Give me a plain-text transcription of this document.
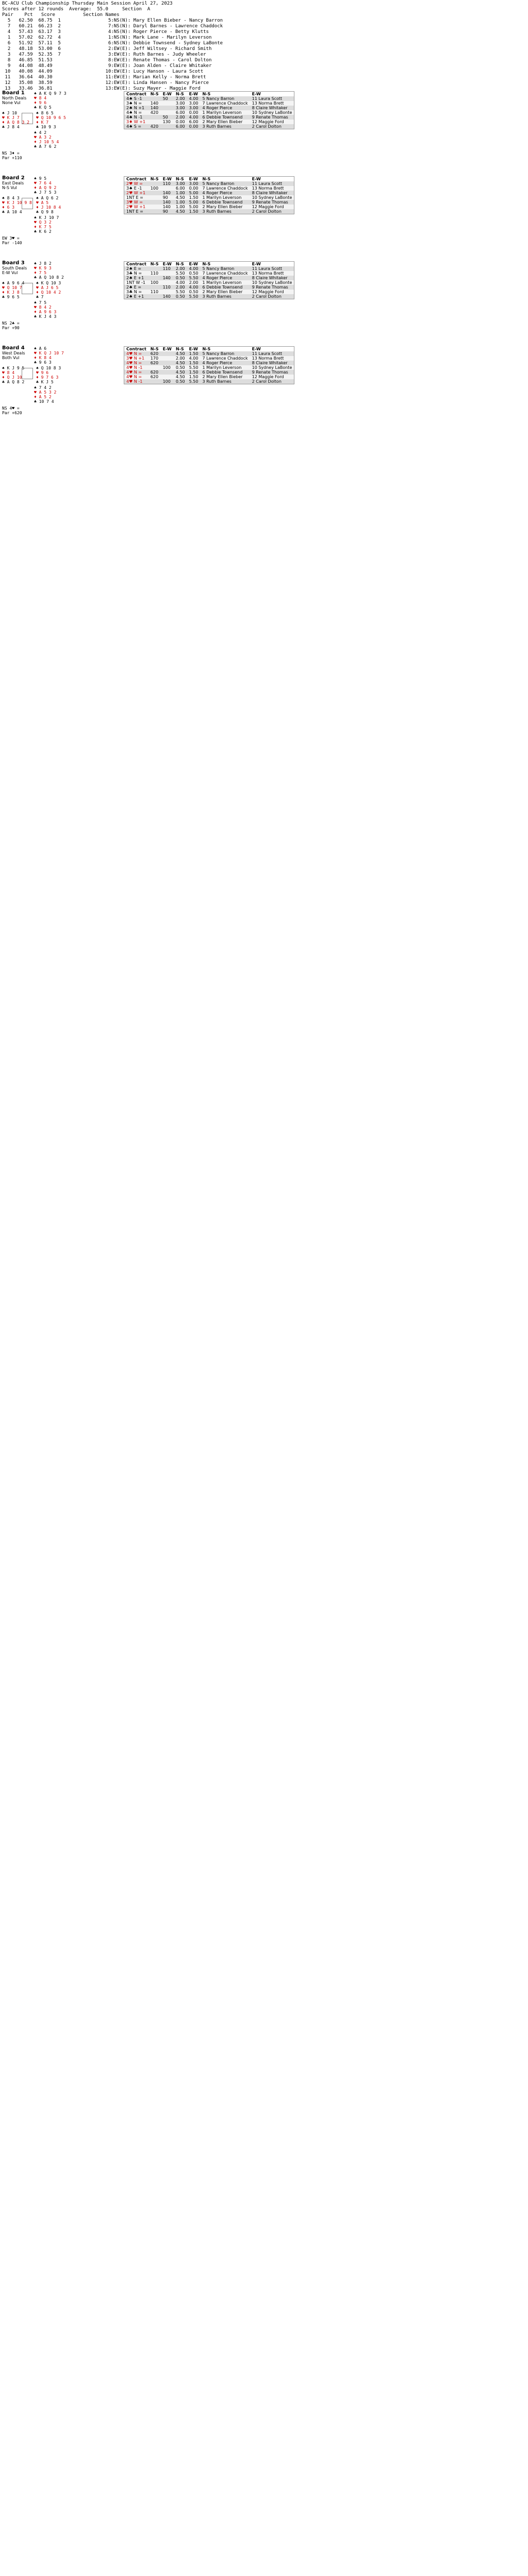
BC-ACU Club Championship Thursday Main Session April 27, 2023
Scores after 12 rounds  Average:  55.0     Section  A
Pair    Pct   Score          Section Names
5   62.50  68.75  1                 5:NS(N): Mary Ellen Bieber - Nancy Barron
7   60.21  66.23  2                 7:NS(N): Daryl Barnes - Lawrence Chaddock
4   57.43  63.17  3                 4:NS(N): Roger Pierce - Betty Klutts
1   57.02  62.72  4                 1:NS(N): Mark Lane - Marilyn Leverson
6   51.92  57.11  5                 6:NS(N): Debbie Townsend - Sydney LaBonte
2   48.18  53.00  6                 2:EW(E): Jeff Wiltsey - Richard Smith
3   47.59  52.35  7                 3:EW(E): Ruth Barnes - Judy Wheeler
8   46.85  51.53                    8:EW(E): Renate Thomas - Carol Dolton
9   44.08  48.49                    9:EW(E): Joan Alden - Claire Whitaker
10   40.08  44.09                   10:EW(E): Lucy Hanson - Laura Scott
11   36.64  40.30                   11:EW(E): Marian Kelly - Norma Brett
12   35.08  38.59                   12:EW(E): Linda Hansen - Nancy Pierce
13   33.46  36.81                   13:EW(E): Suzy Mayer - Maggie Ford
Board 1
North Deals
None Vul
♠ A K Q 9 7 3
♥ 8 4
♦ 9 6
♣ K Q 5
♠ J 10
♥ K J 7
♦ A Q 8 3 2
♣ J 8 4
♠ 8 6 5
♥ Q 10 9 6 5
♦ K 7
♣ 10 9 3
♠ 4 2
♥ A 3 2
♦ J 10 5 4
♣ A 7 6 2
NS 3♦ =
Par +110
Contract	N-S	E-W	N-S	E-W	N-S	E-W
4♠ S -1		50	2.00	4.00	5 Nancy Barron	11 Laura Scott
3♠ N =	140		3.00	3.00	7 Lawrence Chaddock	13 Norma Brett
2♠ N +1	140		3.00	3.00	4 Roger Pierce	8 Claire Whitaker
4♠ N =	420		6.00	0.00	1 Marilyn Leverson	10 Sydney LaBonte
4♠ N -1		50	2.00	4.00	6 Debbie Townsend	9 Renate Thomas
3♦ W +1		130	0.00	6.00	2 Mary Ellen Bieber	12 Maggie Ford
4♠ S =	420		6.00	0.00	3 Ruth Barnes	2 Carol Dolton
Board 2
East Deals
N-S Vul
♠ 9 5
♥ 7 6 4
♦ A Q 9 2
♣ J 7 5 3
♠ 8 4 3
♥ K J 10 9 8
♦ 6 3
♣ A 10 4
♠ A Q 6 2
♥ A 5
♦ J 10 8 4
♣ Q 9 8
♠ K J 10 7
♥ Q 3 2
♦ K 7 5
♣ K 6 2
EW 3♥ =
Par -140
Contract	N-S	E-W	N-S	E-W	N-S	E-W
2♥ W =		110	3.00	3.00	5 Nancy Barron	11 Laura Scott
3♠ E -1	100		6.00	0.00	7 Lawrence Chaddock	13 Norma Brett
2♥ W +1		140	1.00	5.00	4 Roger Pierce	8 Claire Whitaker
1NT E =		90	4.50	1.50	1 Marilyn Leverson	10 Sydney LaBonte
3♥ W =		140	1.00	5.00	6 Debbie Townsend	9 Renate Thomas
2♥ W +1		140	1.00	5.00	2 Mary Ellen Bieber	12 Maggie Ford
1NT E =		90	4.50	1.50	3 Ruth Barnes	2 Carol Dolton
Board 3
South Deals
E-W Vul
♠ J 8 2
♥ K 9 3
♦ 7 5
♣ A Q 10 8 2
♠ A 9 6 4
♥ Q 10 7
♦ K J 8
♣ 9 6 5
♠ K Q 10 3
♥ A J 6 5
♦ Q 10 4 2
♣ 7
♠ 7 5
♥ 8 4 2
♦ A 9 6 3
♣ K J 4 3
NS 2♣ =
Par +90
Contract	N-S	E-W	N-S	E-W	N-S	E-W
2♠ E =		110	2.00	4.00	5 Nancy Barron	11 Laura Scott
3♣ N =	110		5.50	0.50	7 Lawrence Chaddock	13 Norma Brett
2♠ E +1		140	0.50	5.50	4 Roger Pierce	8 Claire Whitaker
1NT W -1	100		4.00	2.00	1 Marilyn Leverson	10 Sydney LaBonte
2♠ E =		110	2.00	4.00	6 Debbie Townsend	9 Renate Thomas
3♣ N =	110		5.50	0.50	2 Mary Ellen Bieber	12 Maggie Ford
2♠ E +1		140	0.50	5.50	3 Ruth Barnes	2 Carol Dolton
Board 4
West Deals
Both Vul
♠ A 6
♥ K Q J 10 7
♦ K 8 4
♣ 9 6 3
♠ K J 9 5
♥ 8 4
♦ Q J 10
♣ A Q 8 2
♠ Q 10 8 3
♥ 9 6
♦ 9 7 6 3
♣ K J 5
♠ 7 4 2
♥ A 5 3 2
♦ A 5 2
♣ 10 7 4
NS 4♥ =
Par +620
Contract	N-S	E-W	N-S	E-W	N-S	E-W
4♥ N =	620		4.50	1.50	5 Nancy Barron	11 Laura Scott
3♥ N +1	170		2.00	4.00	7 Lawrence Chaddock	13 Norma Brett
4♥ N =	620		4.50	1.50	4 Roger Pierce	8 Claire Whitaker
4♥ N -1		100	0.50	5.50	1 Marilyn Leverson	10 Sydney LaBonte
4♥ N =	620		4.50	1.50	6 Debbie Townsend	9 Renate Thomas
4♥ N =	620		4.50	1.50	2 Mary Ellen Bieber	12 Maggie Ford
4♥ N -1		100	0.50	5.50	3 Ruth Barnes	2 Carol Dolton
